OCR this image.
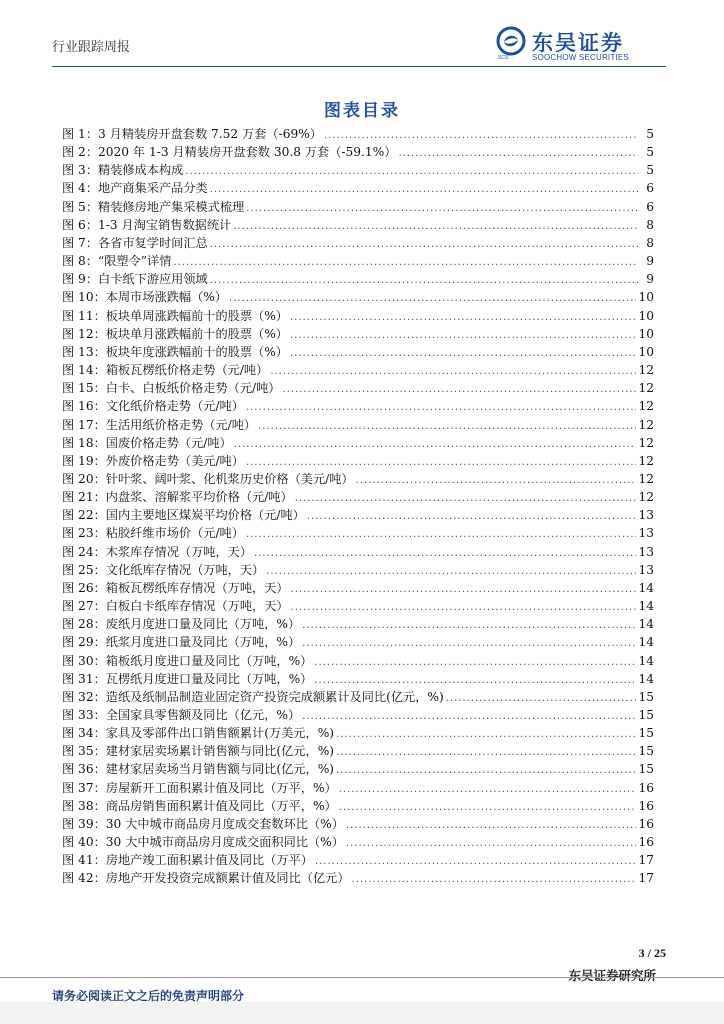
行业跟踪周报	东吴证券
SOOCHOW SECURITIES
SCS
图表目录
图 1：3 月精装房开盘套数 7.52 万套（-69%） .....	5
图 2：2020 年 1-3 月精装房开盘套数 30.8 万套（-59.1%） .....	5
图 3：精装修成本构成 .....	5
图 4：地产商集采产品分类 .....	6
图 5：精装修房地产集采模式梳理 .....	6
图 6：1-3 月淘宝销售数据统计 .....	8
图 7：各省市复学时间汇总 .....	8
图 8：“限塑令”详情 .....	9
图 9：白卡纸下游应用领域 .....	9
图 10：本周市场涨跌幅（%） .....	10
图 11：板块单周涨跌幅前十的股票（%） .....	10
图 12：板块单月涨跌幅前十的股票（%） .....	10
图 13：板块年度涨跌幅前十的股票（%） .....	10
图 14：箱板瓦楞纸价格走势（元/吨） .....	12
图 15：白卡、白板纸价格走势（元/吨） .....	12
图 16：文化纸价格走势（元/吨） .....	12
图 17：生活用纸价格走势（元/吨） .....	12
图 18：国废价格走势（元/吨） .....	12
图 19：外废价格走势（美元/吨） .....	12
图 20：针叶浆、阔叶浆、化机浆历史价格（美元/吨） .....	12
图 21：内盘浆、溶解浆平均价格（元/吨） .....	12
图 22：国内主要地区煤炭平均价格（元/吨） .....	13
图 23：粘胶纤维市场价（元/吨） .....	13
图 24：木浆库存情况（万吨，天） .....	13
图 25：文化纸库存情况（万吨，天） .....	13
图 26：箱板瓦楞纸库存情况（万吨，天） .....	14
图 27：白板白卡纸库存情况（万吨，天） .....	14
图 28：废纸月度进口量及同比（万吨，%） .....	14
图 29：纸浆月度进口量及同比（万吨，%） .....	14
图 30：箱板纸月度进口量及同比（万吨，%） .....	14
图 31：瓦楞纸月度进口量及同比（万吨，%） .....	14
图 32：造纸及纸制品制造业固定资产投资完成额累计及同比(亿元，%) .....	15
图 33：全国家具零售额及同比（亿元，%） .....	15
图 34：家具及零部件出口销售额累计(万美元，%) .....	15
图 35：建材家居卖场累计销售额与同比(亿元，%) .....	15
图 36：建材家居卖场当月销售额与同比(亿元，%) .....	15
图 37：房屋新开工面积累计值及同比（万平，%） .....	16
图 38：商品房销售面积累计值及同比（万平，%） .....	16
图 39：30 大中城市商品房月度成交套数环比（%） .....	16
图 40：30 大中城市商品房月度成交面积同比（%） .....	16
图 41：房地产竣工面积累计值及同比（万平） .....	17
图 42：房地产开发投资完成额累计值及同比（亿元） .....	17
3 / 25
东吴证券研究所
请务必阅读正文之后的免责声明部分
